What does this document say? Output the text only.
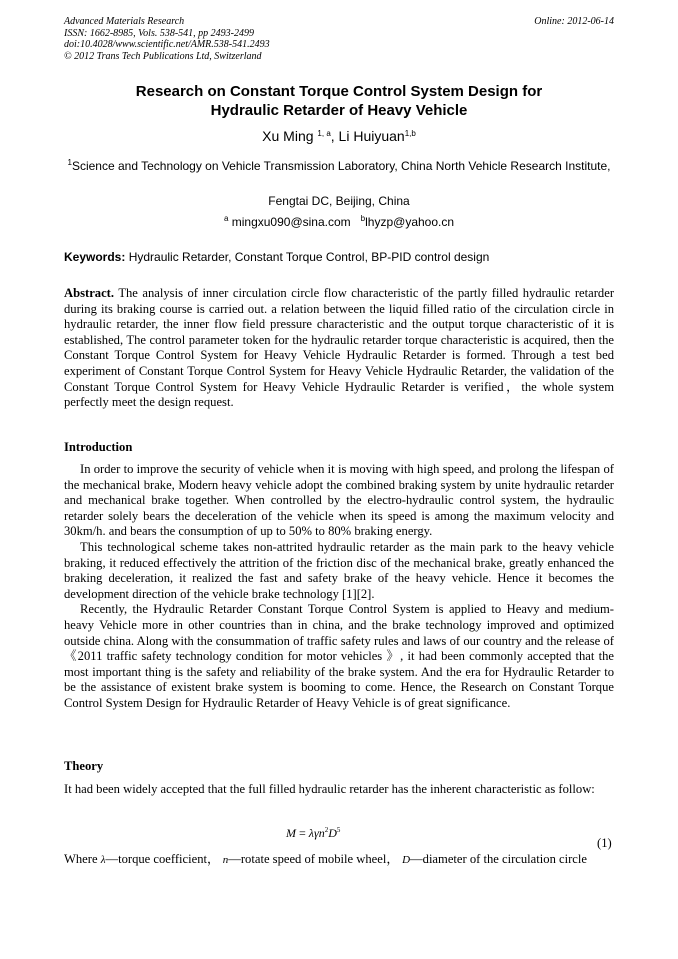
Advanced Materials Research
ISSN: 1662-8985, Vols. 538-541, pp 2493-2499
doi:10.4028/www.scientific.net/AMR.538-541.2493
© 2012 Trans Tech Publications Ltd, Switzerland
Online: 2012-06-14
Research on Constant Torque Control System Design for
Hydraulic Retarder of Heavy Vehicle
Xu Ming $^{1, a}$, Li Huiyuan$^{1,b}$
$^1$Science and Technology on Vehicle Transmission Laboratory, China North Vehicle Research Institute,
Fengtai DC, Beijing, China
$^a$ mingxu090@sina.com $^b$lhyzp@yahoo.cn
Keywords: Hydraulic Retarder, Constant Torque Control, BP-PID control design
Abstract. The analysis of inner circulation circle flow characteristic of the partly filled hydraulic retarder during its braking course is carried out. a relation between the liquid filled ratio of the circulation circle in hydraulic retarder, the inner flow field pressure characteristic and the output torque characteristic of it is established, The control parameter token for the hydraulic retarder torque characteristic is acquired, then the Constant Torque Control System for Heavy Vehicle Hydraulic Retarder is formed. Through a test bed experiment of Constant Torque Control System for Heavy Vehicle Hydraulic Retarder, the validation of the Constant Torque Control System for Heavy Vehicle Hydraulic Retarder is verified，the whole system perfectly meet the design request.
Introduction

In order to improve the security of vehicle when it is moving with high speed, and prolong the lifespan of the mechanical brake, Modern heavy vehicle adopt the combined braking system by unite hydraulic retarder and mechanical brake together. When controlled by the electro-hydraulic control system, the hydraulic retarder solely bears the deceleration of the vehicle when its speed is among the maximum velocity and 30km/h. and bears the consumption of up to 50% to 80% braking energy.

This technological scheme takes non-attrited hydraulic retarder as the main park to the heavy vehicle braking, it reduced effectively the attrition of the friction disc of the mechanical brake, greatly enhanced the braking deceleration, it realized the fast and safety brake of the heavy vehicle. Hence it becomes the development direction of the vehicle brake technology [1][2].

Recently, the Hydraulic Retarder Constant Torque Control System is applied to Heavy and medium-heavy Vehicle more in other countries than in china, and the brake technology improved and optimized outside china. Along with the consummation of traffic safety rules and laws of our country and the release of 《2011 traffic safety technology condition for motor vehicles 》, it had been commonly accepted that the most important thing is the safety and reliability of the brake system. And the era for Hydraulic Retarder to be the assistance of existent brake system is booming to come. Hence, the Research on Constant Torque Control System Design for Hydraulic Retarder of Heavy Vehicle is of great significance.

Theory
It had been widely accepted that the full filled hydraulic retarder has the inherent characteristic as follow:
$M = \lambda\gamma n^2D^5$
(1)
Where λ—torque coefficient， n—rotate speed of mobile wheel， D—diameter of the circulation circle
